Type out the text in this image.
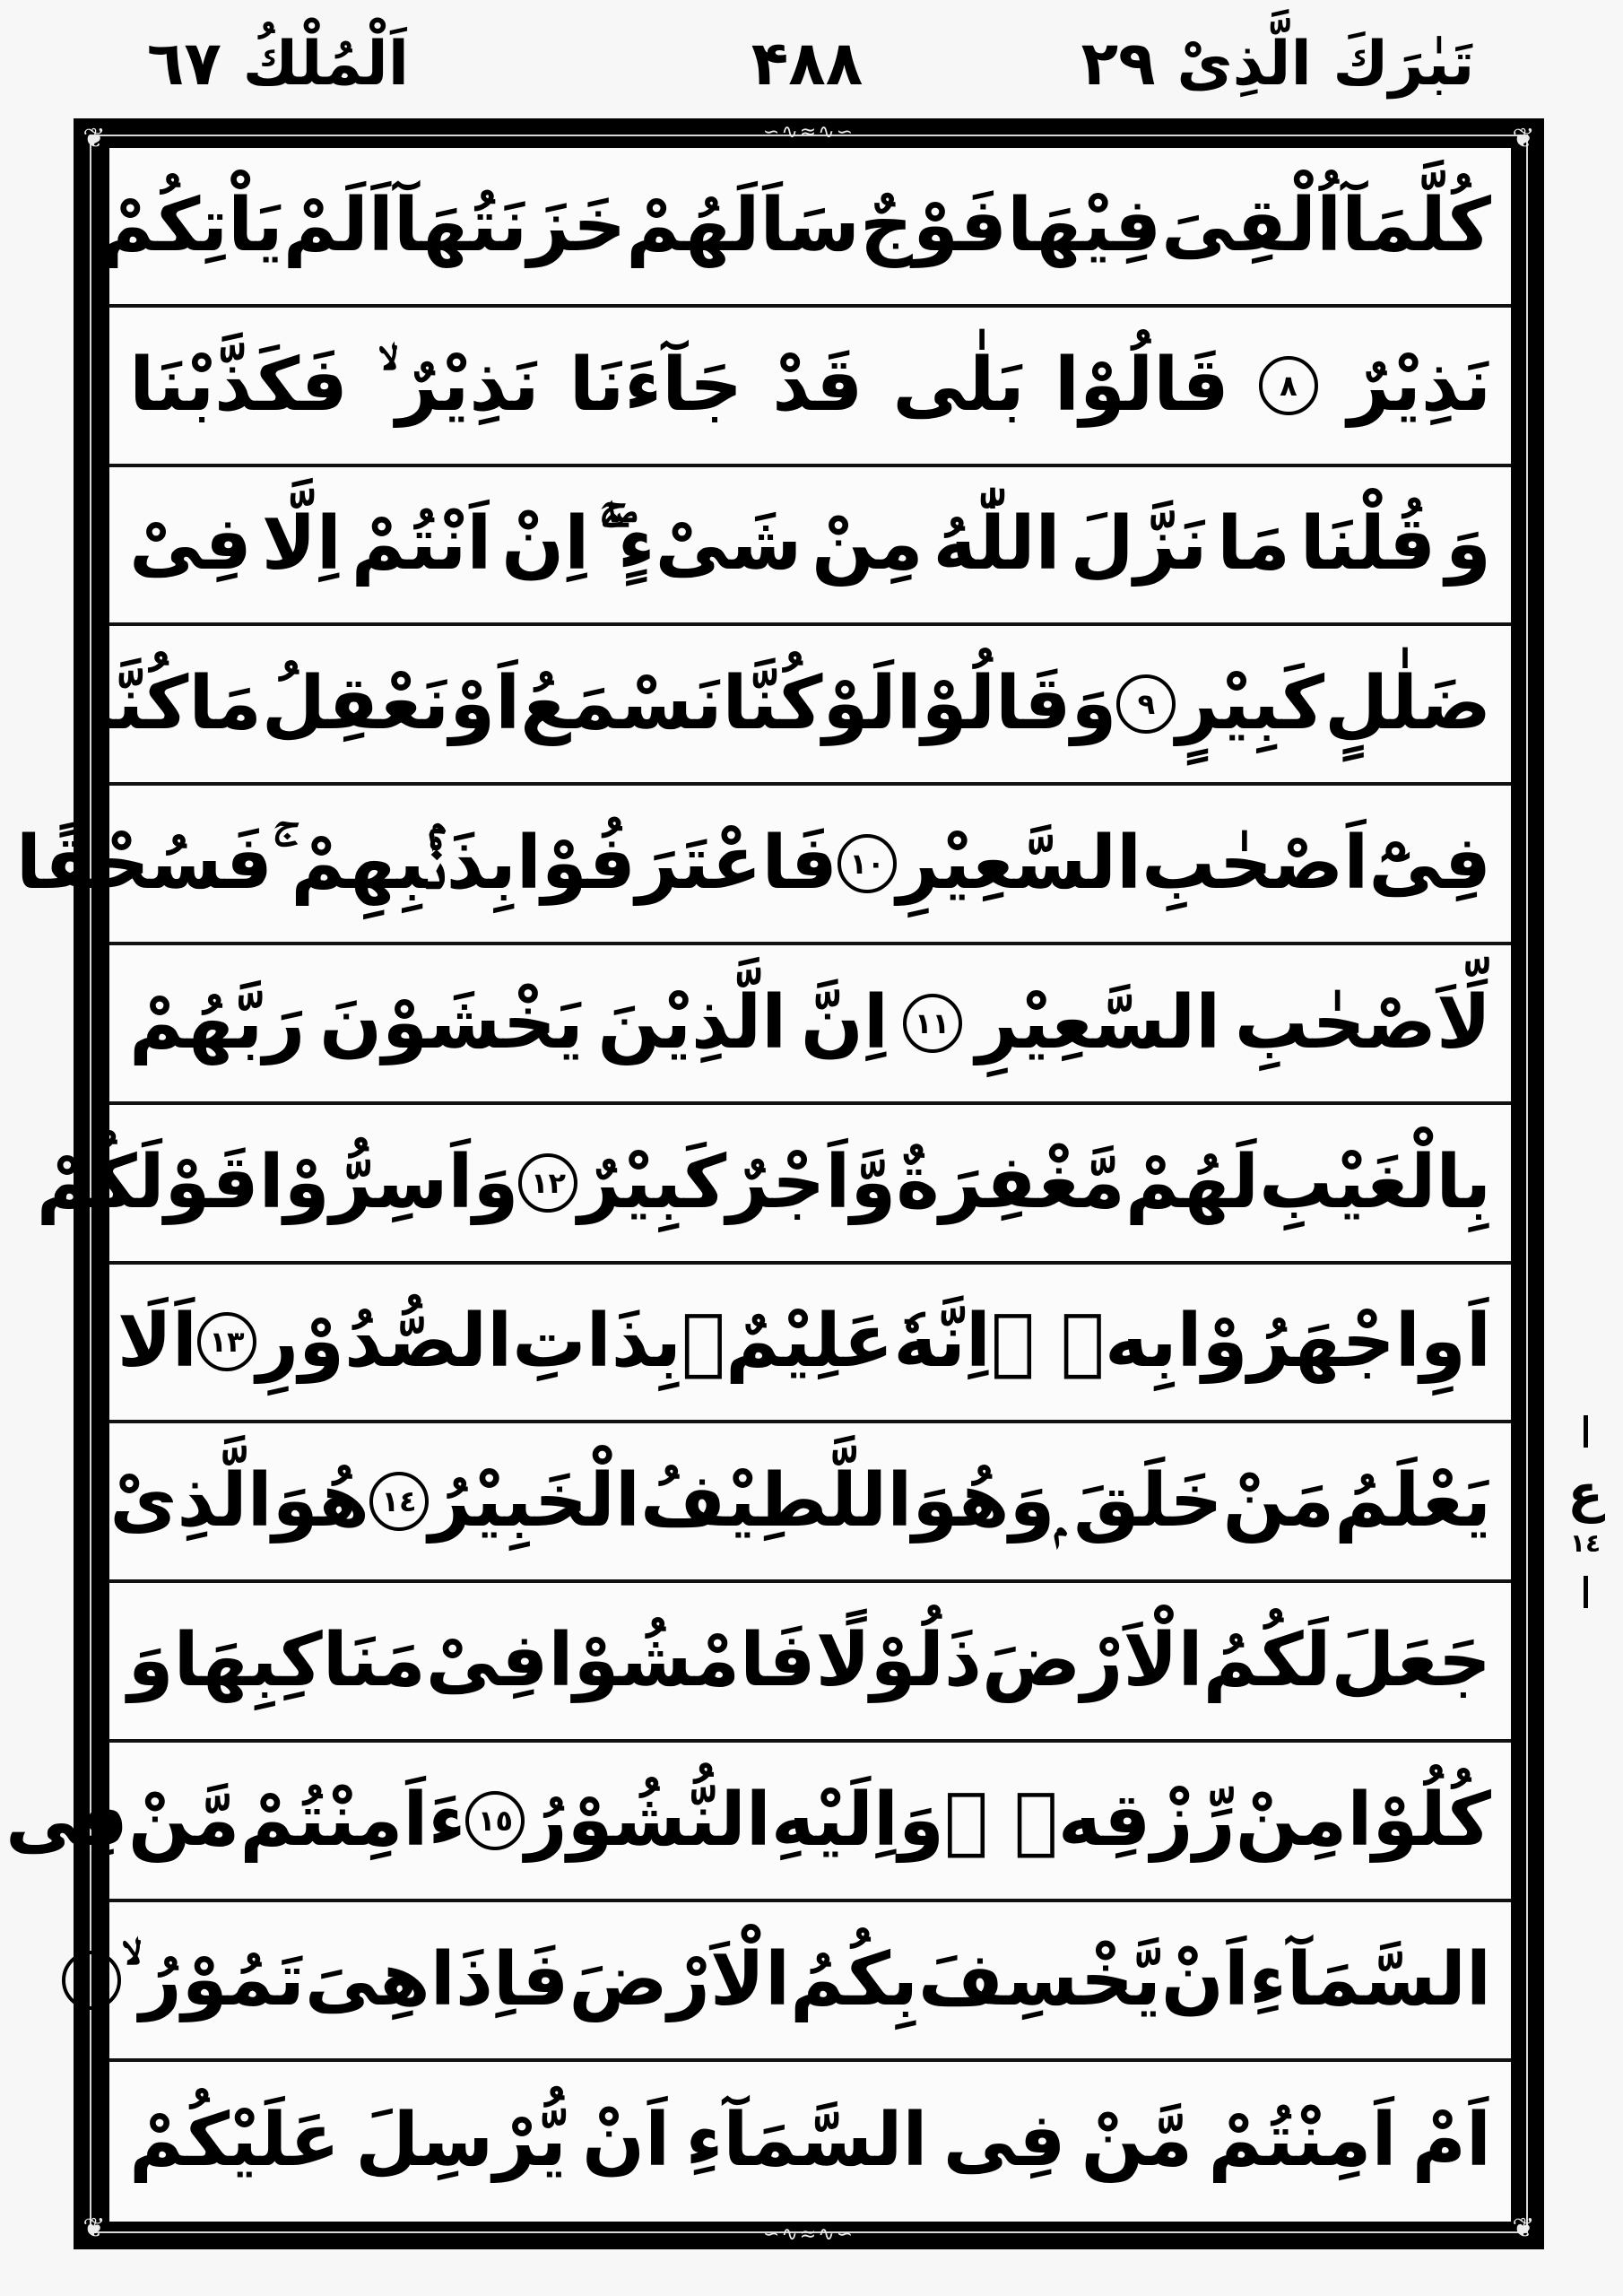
اَلْمُلْكُ ٦٧	۴۸۸	تَبٰرَكَ الَّذِىْ ٢٩
❦	❦
❦	❦
∽∿≈∿∽
∽∿≈∿∽
كُلَّمَآ
اُلْقِىَ
فِيْهَا
فَوْجٌ
سَاَلَهُمْ
خَزَنَتُهَآ
اَلَمْ
يَاْتِكُمْ
نَذِيْرٌ
٨
قَالُوْا
بَلٰى
قَدْ
جَآءَنَا
نَذِيْرٌ ۙ
فَكَذَّبْنَا
وَ
قُلْنَا
مَا
نَزَّلَ
اللّٰهُ
مِنْ
شَىْءٍ ۚۖ
اِنْ
اَنْتُمْ
اِلَّا
فِىْ
ضَلٰلٍ
كَبِيْرٍ
٩
وَقَالُوْا
لَوْ
كُنَّا
نَسْمَعُ
اَوْ
نَعْقِلُ
مَا
كُنَّا
فِىْٓ
اَصْحٰبِ
السَّعِيْرِ
١٠
فَاعْتَرَفُوْا
بِذَنْۢبِهِمْ ۚ
فَسُحْقًا
لِّاَصْحٰبِ
السَّعِيْرِ
١١
اِنَّ
الَّذِيْنَ
يَخْشَوْنَ
رَبَّهُمْ
بِالْغَيْبِ
لَهُمْ
مَّغْفِرَةٌ
وَّاَجْرٌ
كَبِيْرٌ
١٢
وَاَسِرُّوْا
قَوْلَكُمْ
اَوِ
اجْهَرُوْا
بِهٖ ۭ
اِنَّهٗ
عَلِيْمٌۢ
بِذَاتِ
الصُّدُوْرِ
١٣
اَلَا
يَعْلَمُ
مَنْ
خَلَقَ ۭ
وَهُوَ
اللَّطِيْفُ
الْخَبِيْرُ
١٤
هُوَ
الَّذِىْ
جَعَلَ
لَكُمُ
الْاَرْضَ
ذَلُوْلًا
فَامْشُوْا
فِىْ
مَنَاكِبِهَا
وَ
كُلُوْا
مِنْ
رِّزْقِهٖ ۭ
وَاِلَيْهِ
النُّشُوْرُ
١٥
ءَاَمِنْتُمْ
مَّنْ
فِى
السَّمَآءِ
اَنْ
يَّخْسِفَ
بِكُمُ
الْاَرْضَ
فَاِذَا
هِىَ
تَمُوْرُ ۙ
١٦
اَمْ
اَمِنْتُمْ
مَّنْ
فِى
السَّمَآءِ
اَنْ
يُّرْسِلَ
عَلَيْكُمْ
ع
١٤
